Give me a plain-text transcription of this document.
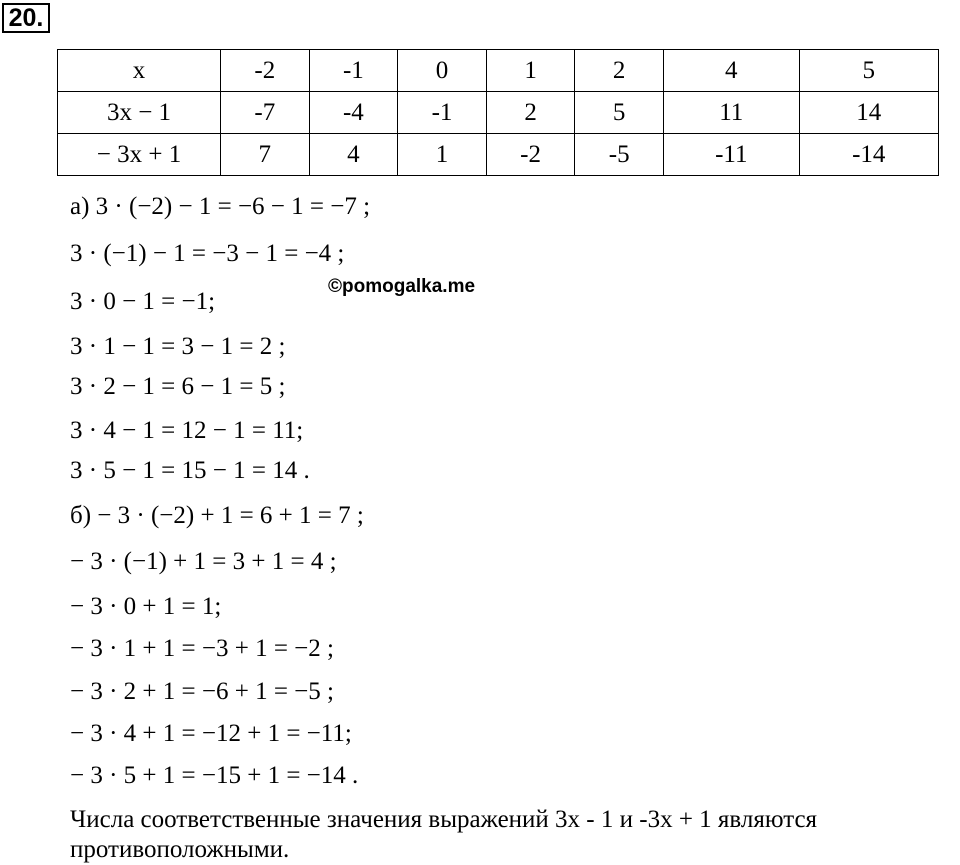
20.
x	-2	-1	0	1	2	4	5
3x − 1	-7	-4	-1	2	5	11	14
− 3x + 1	7	4	1	-2	-5	-11	-14
а) 3 · (−2) − 1 = −6 − 1 = −7 ;
3 · (−1) − 1 = −3 − 1 = −4 ;
3 · 0 − 1 = −1;
3 · 1 − 1 = 3 − 1 = 2 ;
3 · 2 − 1 = 6 − 1 = 5 ;
3 · 4 − 1 = 12 − 1 = 11;
3 · 5 − 1 = 15 − 1 = 14 .
б) − 3 · (−2) + 1 = 6 + 1 = 7 ;
− 3 · (−1) + 1 = 3 + 1 = 4 ;
− 3 · 0 + 1 = 1;
− 3 · 1 + 1 = −3 + 1 = −2 ;
− 3 · 2 + 1 = −6 + 1 = −5 ;
− 3 · 4 + 1 = −12 + 1 = −11;
− 3 · 5 + 1 = −15 + 1 = −14 .
©pomogalka.me
Числа соответственные значения выражений 3x - 1 и -3x + 1 являются противоположными.
